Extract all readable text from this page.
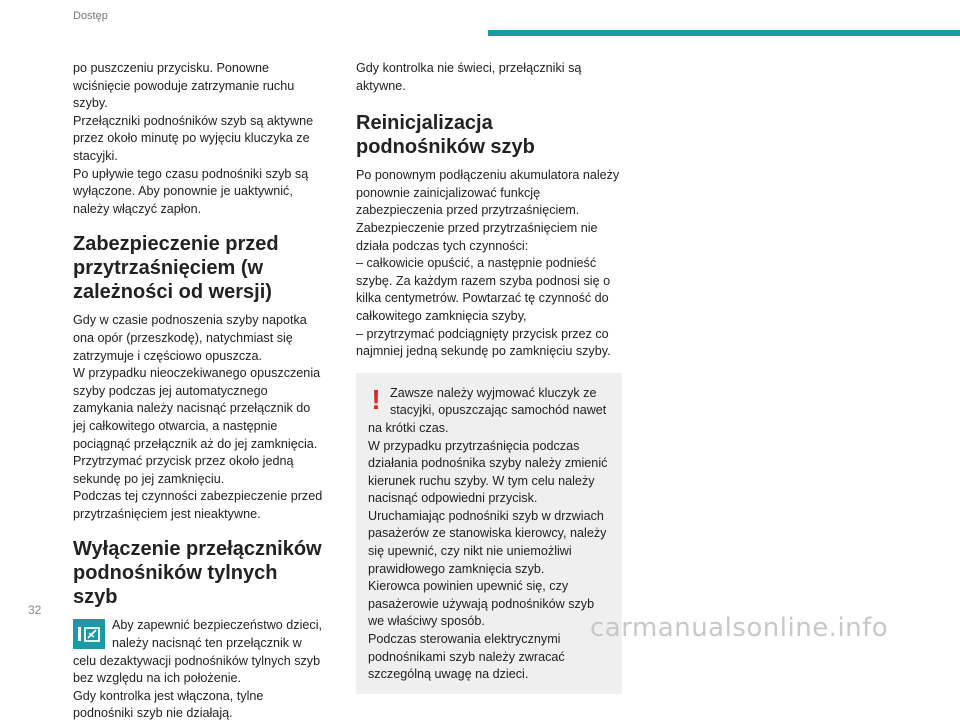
Dostęp

po puszczeniu przycisku. Ponowne wciśnięcie powoduje zatrzymanie ruchu szyby.

Przełączniki podnośników szyb są aktywne przez około minutę po wyjęciu kluczyka ze stacyjki.

Po upływie tego czasu podnośniki szyb są wyłączone. Aby ponownie je uaktywnić, należy włączyć zapłon.

Zabezpieczenie przed przytrzaśnięciem (w zależności od wersji)

Gdy w czasie podnoszenia szyby napotka ona opór (przeszkodę), natychmiast się zatrzymuje i częściowo opuszcza.

W przypadku nieoczekiwanego opuszczenia szyby podczas jej automatycznego zamykania należy nacisnąć przełącznik do jej całkowitego otwarcia, a następnie pociągnąć przełącznik aż do jej zamknięcia. Przytrzymać przycisk przez około jedną sekundę po jej zamknięciu.

Podczas tej czynności zabezpieczenie przed przytrzaśnięciem jest nieaktywne.

Wyłączenie przełączników podnośników tylnych szyb

Aby zapewnić bezpieczeństwo dzieci, należy nacisnąć ten przełącznik w celu dezaktywacji podnośników tylnych szyb bez względu na ich położenie.

Gdy kontrolka jest włączona, tylne podnośniki szyb nie działają.

Gdy kontrolka nie świeci, przełączniki są aktywne.

Reinicjalizacja podnośników szyb

Po ponownym podłączeniu akumulatora należy ponownie zainicjalizować funkcję zabezpieczenia przed przytrzaśnięciem.

Zabezpieczenie przed przytrzaśnięciem nie działa podczas tych czynności:

– całkowicie opuścić, a następnie podnieść szybę. Za każdym razem szyba podnosi się o kilka centymetrów. Powtarzać tę czynność do całkowitego zamknięcia szyby,

– przytrzymać podciągnięty przycisk przez co najmniej jedną sekundę po zamknięciu szyby.

! Zawsze należy wyjmować kluczyk ze stacyjki, opuszczając samochód nawet na krótki czas.

W przypadku przytrzaśnięcia podczas działania podnośnika szyby należy zmienić kierunek ruchu szyby. W tym celu należy nacisnąć odpowiedni przycisk.

Uruchamiając podnośniki szyb w drzwiach pasażerów ze stanowiska kierowcy, należy się upewnić, czy nikt nie uniemożliwi prawidłowego zamknięcia szyb.

Kierowca powinien upewnić się, czy pasażerowie używają podnośników szyb we właściwy sposób.

Podczas sterowania elektrycznymi podnośnikami szyb należy zwracać szczególną uwagę na dzieci.

32
carmanualsonline.info
